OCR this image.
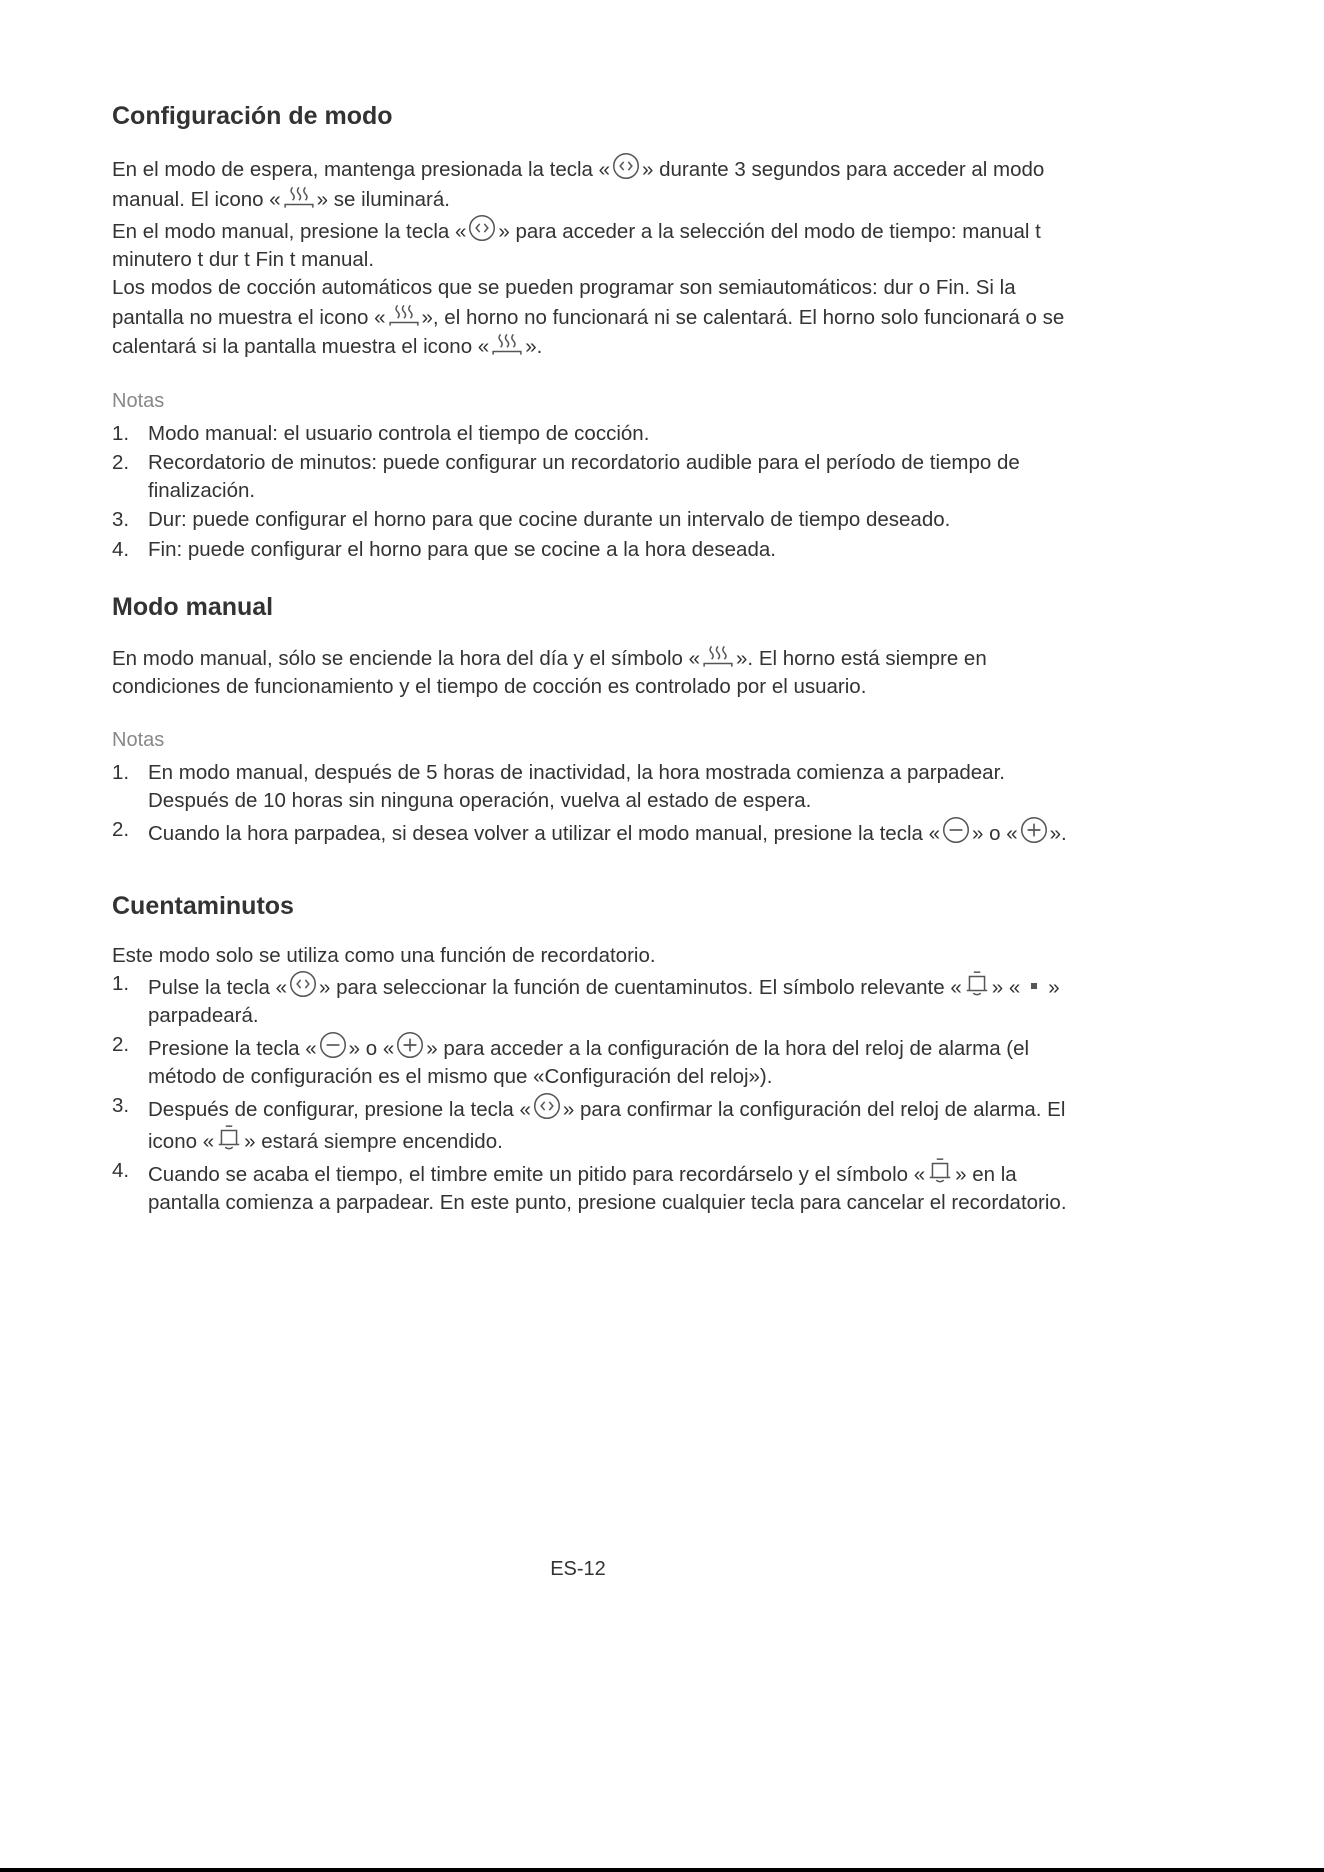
Configuración de modo

En el modo de espera, mantenga presionada la tecla « » durante 3 segundos para acceder al modo manual. El icono « » se iluminará.

En el modo manual, presione la tecla « » para acceder a la selección del modo de tiempo: manual t minutero t dur t Fin t manual.

Los modos de cocción automáticos que se pueden programar son semiautomáticos: dur o Fin. Si la pantalla no muestra el icono « », el horno no funcionará ni se calentará. El horno solo funcionará o se calentará si la pantalla muestra el icono « ».

Notas
1. Modo manual: el usuario controla el tiempo de cocción.
2. Recordatorio de minutos: puede configurar un recordatorio audible para el período de tiempo de finalización.
3. Dur: puede configurar el horno para que cocine durante un intervalo de tiempo deseado.
4. Fin: puede configurar el horno para que se cocine a la hora deseada.
Modo manual

En modo manual, sólo se enciende la hora del día y el símbolo « ». El horno está siempre en condiciones de funcionamiento y el tiempo de cocción es controlado por el usuario.

Notas
1. En modo manual, después de 5 horas de inactividad, la hora mostrada comienza a parpadear. Después de 10 horas sin ninguna operación, vuelva al estado de espera.
2. Cuando la hora parpadea, si desea volver a utilizar el modo manual, presione la tecla « » o « ».
Cuentaminutos

Este modo solo se utiliza como una función de recordatorio.

1. Pulse la tecla « » para seleccionar la función de cuentaminutos. El símbolo relevante « » « » parpadeará.
2. Presione la tecla « » o « » para acceder a la configuración de la hora del reloj de alarma (el método de configuración es el mismo que «Configuración del reloj»).
3. Después de configurar, presione la tecla « » para confirmar la configuración del reloj de alarma. El icono « » estará siempre encendido.
4. Cuando se acaba el tiempo, el timbre emite un pitido para recordárselo y el símbolo « » en la pantalla comienza a parpadear. En este punto, presione cualquier tecla para cancelar el recordatorio.
ES-12
